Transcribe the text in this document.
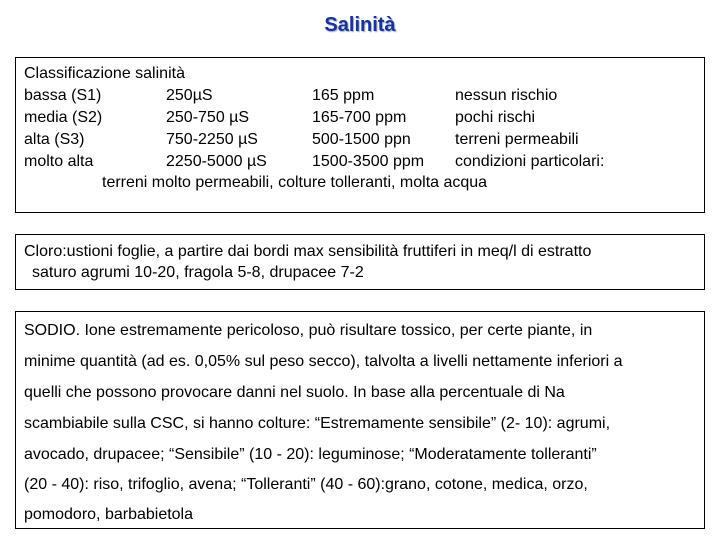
Salinità
Classificazione salinità
bassa (S1)	250µS	165 ppm	nessun rischio
media (S2)	250-750 µS	165-700 ppm	pochi rischi
alta (S3)	750-2250 µS	500-1500 ppn	terreni permeabili
molto alta	2250-5000 µS	1500-3500 ppm condizioni particolari:
terreni molto permeabili, colture tolleranti, molta acqua
Cloro:ustioni foglie, a partire dai bordi max sensibilità fruttiferi in meq/l di estratto
saturo agrumi 10-20, fragola 5-8, drupacee 7-2
SODIO. Ione estremamente pericoloso, può risultare tossico, per certe piante, in
minime quantità (ad es. 0,05% sul peso secco), talvolta a livelli nettamente inferiori a
quelli che possono provocare danni nel suolo. In base alla percentuale di Na
scambiabile sulla CSC, si hanno colture: “Estremamente sensibile” (2- 10): agrumi,
avocado, drupacee; “Sensibile” (10 - 20): leguminose; “Moderatamente tolleranti”
(20 - 40): riso, trifoglio, avena; “Tolleranti” (40 - 60):grano, cotone, medica, orzo,
pomodoro, barbabietola
